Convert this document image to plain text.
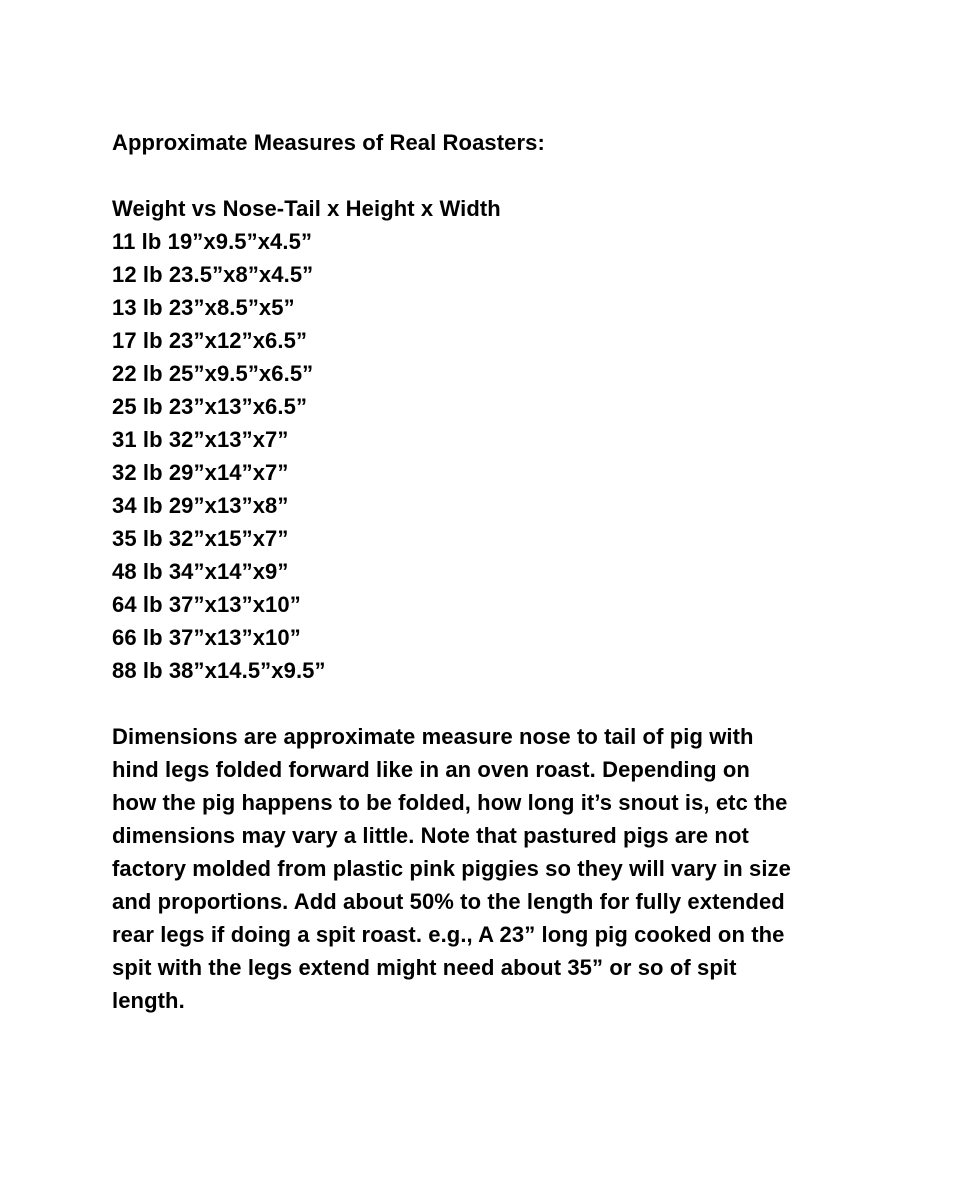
Approximate Measures of Real Roasters:
Weight vs Nose-Tail x Height x Width
11 lb 19”x9.5”x4.5”
12 lb 23.5”x8”x4.5”
13 lb 23”x8.5”x5”
17 lb 23”x12”x6.5”
22 lb 25”x9.5”x6.5”
25 lb 23”x13”x6.5”
31 lb 32”x13”x7”
32 lb 29”x14”x7”
34 lb 29”x13”x8”
35 lb 32”x15”x7”
48 lb 34”x14”x9”
64 lb 37”x13”x10”
66 lb 37”x13”x10”
88 lb 38”x14.5”x9.5”
Dimensions are approximate measure nose to tail of pig with
hind legs folded forward like in an oven roast. Depending on
how the pig happens to be folded, how long it’s snout is, etc the
dimensions may vary a little. Note that pastured pigs are not
factory molded from plastic pink piggies so they will vary in size
and proportions. Add about 50% to the length for fully extended
rear legs if doing a spit roast. e.g., A 23” long pig cooked on the
spit with the legs extend might need about 35” or so of spit
length.
